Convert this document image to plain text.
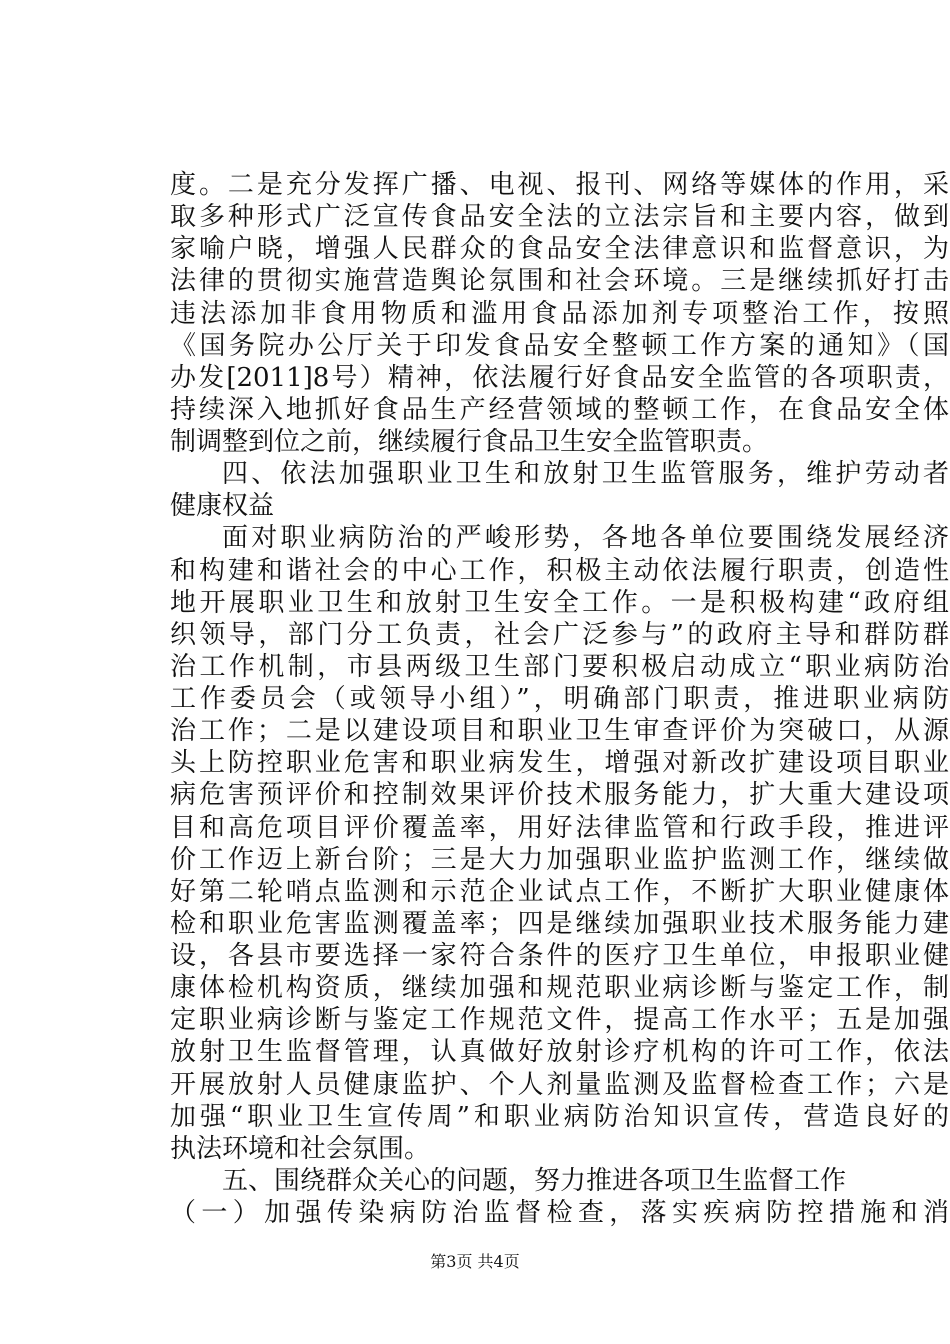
度。二是充分发挥广播、电视、报刊、网络等媒体的作用，采
取多种形式广泛宣传食品安全法的立法宗旨和主要内容，做到
家喻户晓，增强人民群众的食品安全法律意识和监督意识，为
法律的贯彻实施营造舆论氛围和社会环境。三是继续抓好打击
违法添加非食用物质和滥用食品添加剂专项整治工作，按照
《国务院办公厅关于印发食品安全整顿工作方案的通知》（国
办发[2011]8号）精神，依法履行好食品安全监管的各项职责，
持续深入地抓好食品生产经营领域的整顿工作，在食品安全体
制调整到位之前，继续履行食品卫生安全监管职责。
四、依法加强职业卫生和放射卫生监管服务，维护劳动者
健康权益
面对职业病防治的严峻形势，各地各单位要围绕发展经济
和构建和谐社会的中心工作，积极主动依法履行职责，创造性
地开展职业卫生和放射卫生安全工作。一是积极构建“政府组
织领导，部门分工负责，社会广泛参与”的政府主导和群防群
治工作机制，市县两级卫生部门要积极启动成立“职业病防治
工作委员会（或领导小组）”，明确部门职责，推进职业病防
治工作；二是以建设项目和职业卫生审查评价为突破口，从源
头上防控职业危害和职业病发生，增强对新改扩建设项目职业
病危害预评价和控制效果评价技术服务能力，扩大重大建设项
目和高危项目评价覆盖率，用好法律监管和行政手段，推进评
价工作迈上新台阶；三是大力加强职业监护监测工作，继续做
好第二轮哨点监测和示范企业试点工作，不断扩大职业健康体
检和职业危害监测覆盖率；四是继续加强职业技术服务能力建
设，各县市要选择一家符合条件的医疗卫生单位，申报职业健
康体检机构资质，继续加强和规范职业病诊断与鉴定工作，制
定职业病诊断与鉴定工作规范文件，提高工作水平；五是加强
放射卫生监督管理，认真做好放射诊疗机构的许可工作，依法
开展放射人员健康监护、个人剂量监测及监督检查工作；六是
加强“职业卫生宣传周”和职业病防治知识宣传，营造良好的
执法环境和社会氛围。
五、围绕群众关心的问题，努力推进各项卫生监督工作
（一）加强传染病防治监督检查，落实疾病防控措施和消
第3页 共4页
